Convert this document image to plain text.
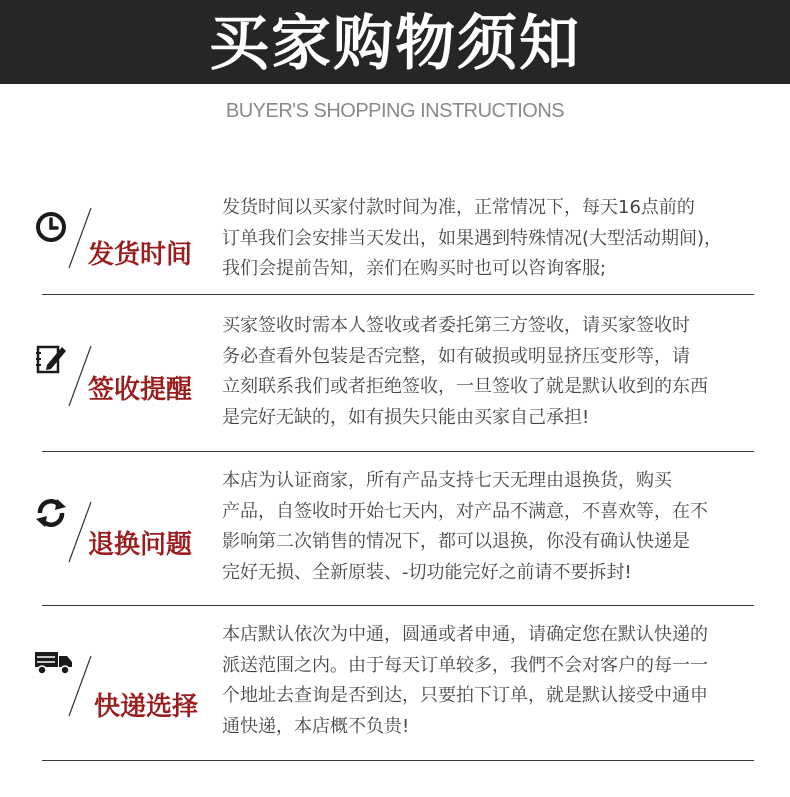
买家购物须知
BUYER'S SHOPPING INSTRUCTIONS
发货时间
发货时间以买家付款时间为准，正常情况下，每天16点前的
订单我们会安排当天发出，如果遇到特殊情况(大型活动期间)，
我们会提前告知，亲们在购买时也可以咨询客服;
签收提醒
买家签收时需本人签收或者委托第三方签收，请买家签收时
务必查看外包装是否完整，如有破损或明显挤压变形等，请
立刻联系我们或者拒绝签收，一旦签收了就是默认收到的东西
是完好无缺的，如有损失只能由买家自己承担!
退换问题
本店为认证商家，所有产品支持七天无理由退换货，购买
产品，自签收时开始七天内，对产品不满意，不喜欢等，在不
影响第二次销售的情况下，都可以退换，你没有确认快递是
完好无损、全新原装、-切功能完好之前请不要拆封!
快递选择
本店默认依次为中通，圆通或者申通，请确定您在默认快递的
派送范围之内。由于每天订单较多，我們不会对客户的每一一
个地址去查询是否到达，只要拍下订单，就是默认接受中通申
通快递，本店概不负贵!
